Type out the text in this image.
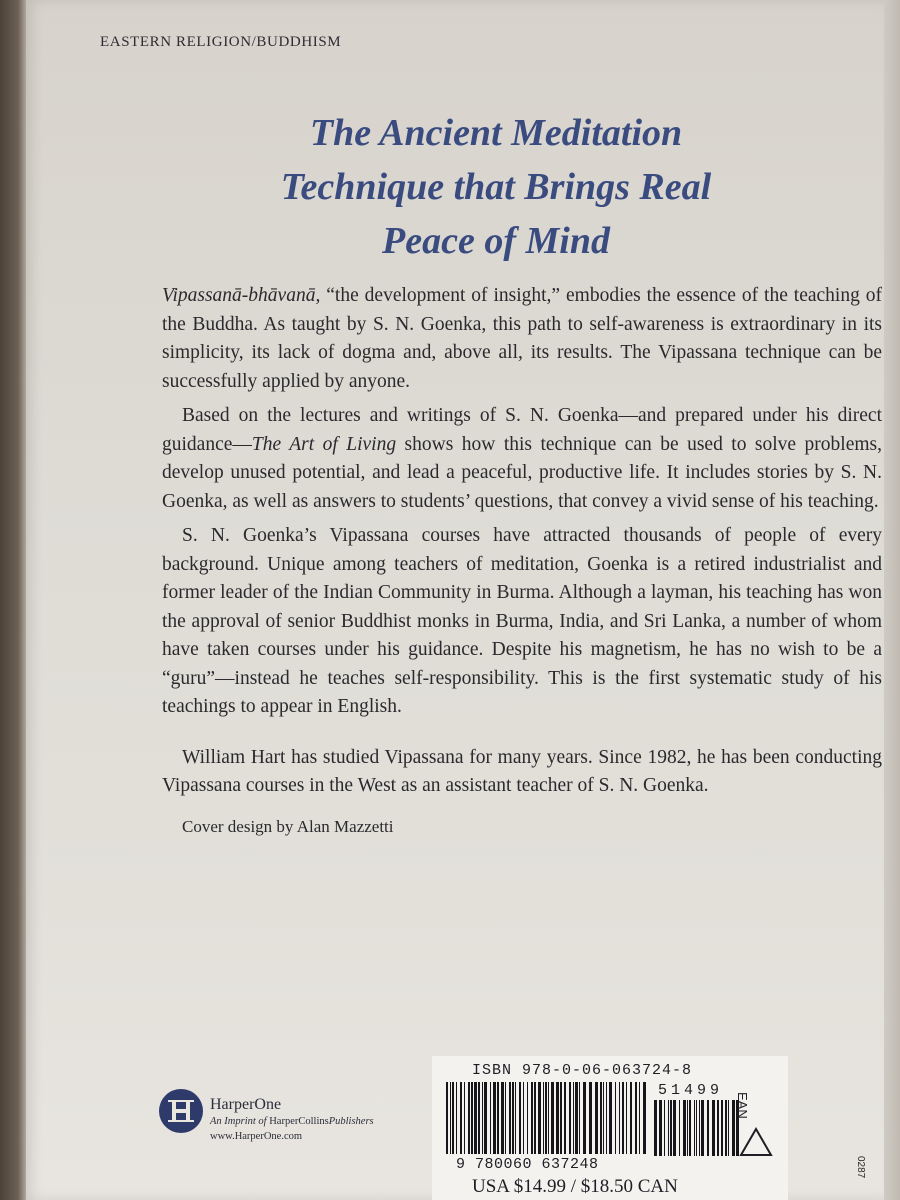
EASTERN RELIGION/BUDDHISM
The Ancient Meditation
Technique that Brings Real
Peace of Mind

Vipassanā-bhāvanā, “the development of insight,” embodies the essence of the teaching of the Buddha. As taught by S. N. Goenka, this path to self-awareness is extraordinary in its simplicity, its lack of dogma and, above all, its results. The Vipassana technique can be successfully applied by anyone.

Based on the lectures and writings of S. N. Goenka—and prepared under his direct guidance—The Art of Living shows how this technique can be used to solve problems, develop unused potential, and lead a peaceful, productive life. It includes stories by S. N. Goenka, as well as answers to students’ questions, that convey a vivid sense of his teaching.

S. N. Goenka’s Vipassana courses have attracted thousands of people of every background. Unique among teachers of meditation, Goenka is a retired industrialist and former leader of the Indian Community in Burma. Although a layman, his teaching has won the approval of senior Buddhist monks in Burma, India, and Sri Lanka, a number of whom have taken courses under his guidance. Despite his magnetism, he has no wish to be a “guru”—instead he teaches self-responsibility. This is the first systematic study of his teachings to appear in English.

William Hart has studied Vipassana for many years. Since 1982, he has been conducting Vipassana courses in the West as an assistant teacher of S. N. Goenka.

Cover design by Alan Mazzetti

HarperOne
An Imprint of HarperCollinsPublishers
www.HarperOne.com
ISBN 978-0-06-063724-8
51499
EAN
9 780060 637248
USA $14.99 / $18.50 CAN
0287
